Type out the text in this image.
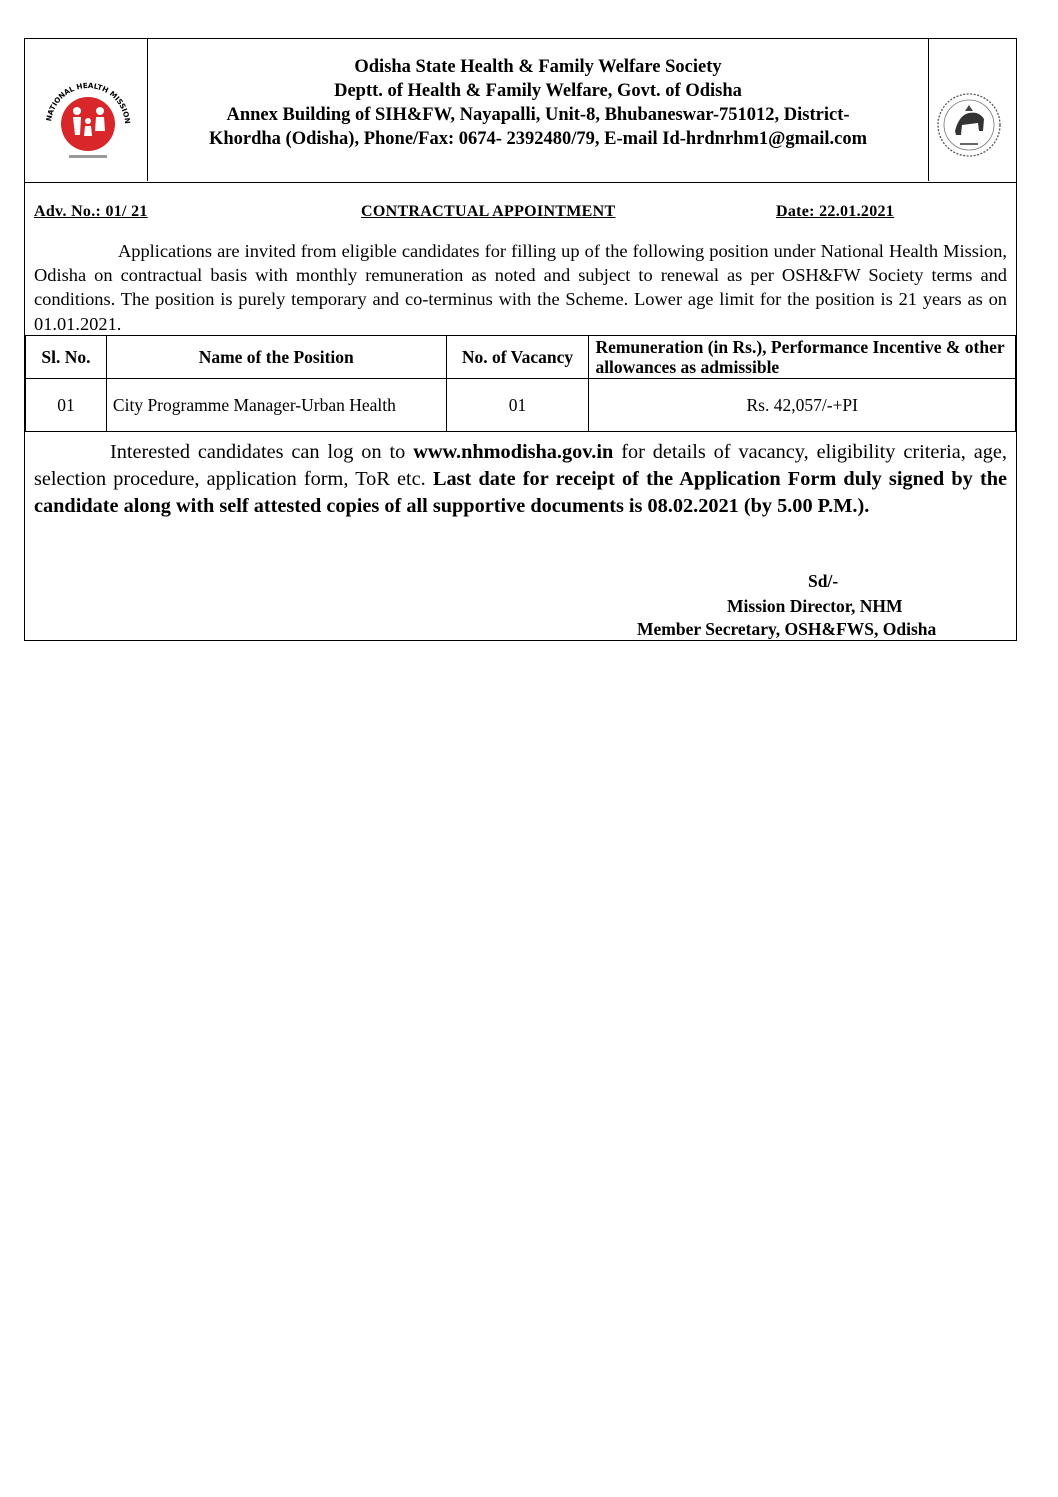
NATIONAL HEALTH MISSION
Odisha State Health & Family Welfare Society
Deptt. of Health & Family Welfare, Govt. of Odisha
Annex Building of SIH&FW, Nayapalli, Unit-8, Bhubaneswar-751012, District-
Khordha (Odisha), Phone/Fax: 0674- 2392480/79, E-mail Id-hrdnrhm1@gmail.com
Adv. No.: 01/ 21	CONTRACTUAL APPOINTMENT	Date: 22.01.2021
Applications are invited from eligible candidates for filling up of the following position under National Health Mission, Odisha on contractual basis with monthly remuneration as noted and subject to renewal as per OSH&FW Society terms and conditions. The position is purely temporary and co-terminus with the Scheme. Lower age limit for the position is 21 years as on 01.01.2021.
Sl. No.	Name of the Position	No. of Vacancy	Remuneration (in Rs.), Performance Incentive & other allowances as admissible
01	City Programme Manager-Urban Health	01	Rs. 42,057/-+PI
Interested candidates can log on to www.nhmodisha.gov.in for details of vacancy, eligibility criteria, age, selection procedure, application form, ToR etc. Last date for receipt of the Application Form duly signed by the candidate along with self attested copies of all supportive documents is 08.02.2021 (by 5.00 P.M.).
Sd/-
Mission Director, NHM
Member Secretary, OSH&FWS, Odisha
